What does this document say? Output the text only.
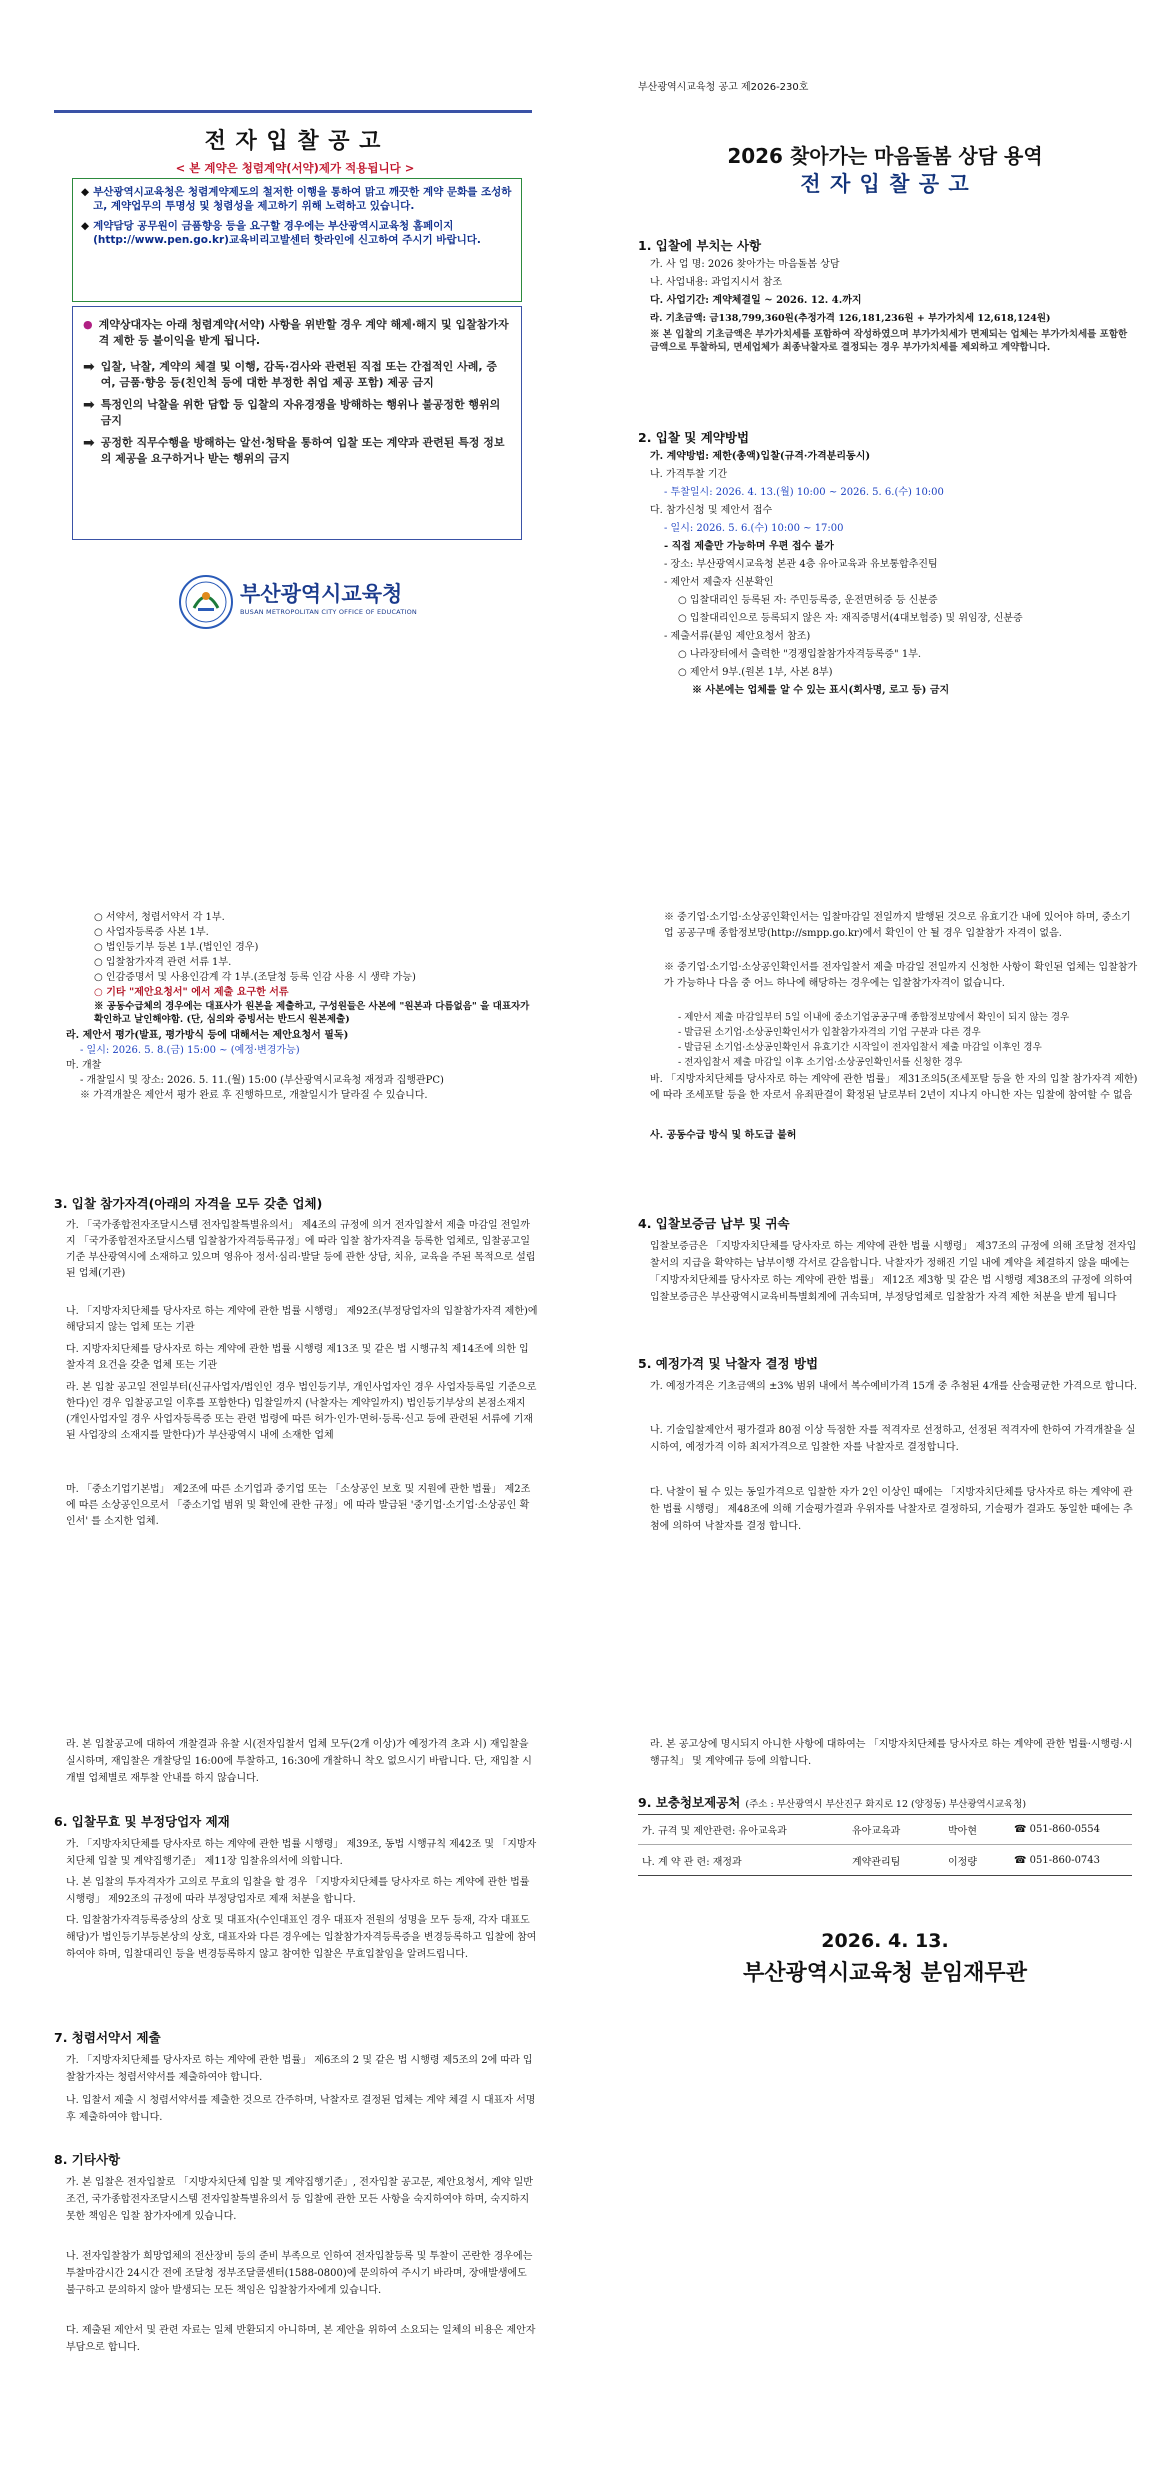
전 자 입 찰 공 고
< 본 계약은 청렴계약(서약)제가 적용됩니다 >
◆ 부산광역시교육청은 청렴계약제도의 철저한 이행을 통하여 맑고 깨끗한 계약 문화를 조성하고, 계약업무의 투명성 및 청렴성을 제고하기 위해 노력하고 있습니다.
◆ 계약담당 공무원이 금품향응 등을 요구할 경우에는 부산광역시교육청 홈페이지(http://www.pen.go.kr)교육비리고발센터 핫라인에 신고하여 주시기 바랍니다.
● 계약상대자는 아래 청렴계약(서약) 사항을 위반할 경우 계약 해제·해지 및 입찰참가자격 제한 등 불이익을 받게 됩니다.
➡ 입찰, 낙찰, 계약의 체결 및 이행, 감독·검사와 관련된 직접 또는 간접적인 사례, 증여, 금품·향응 등(친인척 등에 대한 부정한 취업 제공 포함) 제공 금지
➡ 특정인의 낙찰을 위한 담합 등 입찰의 자유경쟁을 방해하는 행위나 불공정한 행위의 금지
➡ 공정한 직무수행을 방해하는 알선·청탁을 통하여 입찰 또는 계약과 관련된 특정 정보의 제공을 요구하거나 받는 행위의 금지
부산광역시교육청
BUSAN METROPOLITAN CITY OFFICE OF EDUCATION
부산광역시교육청 공고 제2026-230호
2026 찾아가는 마음돌봄 상담 용역
전 자 입 찰 공 고
1. 입찰에 부치는 사항
가. 사 업 명: 2026 찾아가는 마음돌봄 상담
나. 사업내용: 과업지시서 참조
다. 사업기간: 계약체결일 ~ 2026. 12. 4.까지
라. 기초금액: 금138,799,360원(추정가격 126,181,236원 + 부가가치세 12,618,124원)
※ 본 입찰의 기초금액은 부가가치세를 포함하여 작성하였으며 부가가치세가 면제되는 업체는 부가가치세를 포함한 금액으로 투찰하되, 면세업체가 최종낙찰자로 결정되는 경우 부가가치세를 제외하고 계약합니다.
2. 입찰 및 계약방법
가. 계약방법: 제한(총액)입찰(규격·가격분리동시)
나. 가격투찰 기간
- 투찰일시: 2026. 4. 13.(월) 10:00 ~ 2026. 5. 6.(수) 10:00
다. 참가신청 및 제안서 접수
- 일시: 2026. 5. 6.(수) 10:00 ~ 17:00
- 직접 제출만 가능하며 우편 접수 불가
- 장소: 부산광역시교육청 본관 4층 유아교육과 유보통합추진팀
- 제안서 제출자 신분확인
○ 입찰대리인 등록된 자: 주민등록증, 운전면허증 등 신분증
○ 입찰대리인으로 등록되지 않은 자: 재직증명서(4대보험증) 및 위임장, 신분증
- 제출서류(붙임 제안요청서 참조)
○ 나라장터에서 출력한 "경쟁입찰참가자격등록증" 1부.
○ 제안서 9부.(원본 1부, 사본 8부)
※ 사본에는 업체를 알 수 있는 표시(회사명, 로고 등) 금지
○ 서약서, 청렴서약서 각 1부.
○ 사업자등록증 사본 1부.
○ 법인등기부 등본 1부.(법인인 경우)
○ 입찰참가자격 관련 서류 1부.
○ 인감증명서 및 사용인감계 각 1부.(조달청 등록 인감 사용 시 생략 가능)
○ 기타 "제안요청서" 에서 제출 요구한 서류
※ 공동수급체의 경우에는 대표사가 원본을 제출하고, 구성원들은 사본에 "원본과 다름없음" 을 대표자가 확인하고 날인해야함. (단, 심의와 증빙서는 반드시 원본제출)
라. 제안서 평가(발표, 평가방식 등에 대해서는 제안요청서 필독)
- 일시: 2026. 5. 8.(금) 15:00 ~ (예정·변경가능)
마. 개찰
- 개찰일시 및 장소: 2026. 5. 11.(월) 15:00 (부산광역시교육청 재정과 집행관PC)
※ 가격개찰은 제안서 평가 완료 후 진행하므로, 개찰일시가 달라질 수 있습니다.
3. 입찰 참가자격(아래의 자격을 모두 갖춘 업체)
가. 「국가종합전자조달시스템 전자입찰특별유의서」 제4조의 규정에 의거 전자입찰서 제출 마감일 전일까지 「국가종합전자조달시스템 입찰참가자격등록규정」에 따라 입찰 참가자격을 등록한 업체로, 입찰공고일 기준 부산광역시에 소재하고 있으며 영유아 정서·심리·발달 등에 관한 상담, 치유, 교육을 주된 목적으로 설립된 업체(기관)
나. 「지방자치단체를 당사자로 하는 계약에 관한 법률 시행령」 제92조(부정당업자의 입찰참가자격 제한)에 해당되지 않는 업체 또는 기관
다. 지방자치단체를 당사자로 하는 계약에 관한 법률 시행령 제13조 및 같은 법 시행규칙 제14조에 의한 입찰자격 요건을 갖춘 업체 또는 기관
라. 본 입찰 공고일 전일부터(신규사업자/법인인 경우 법인등기부, 개인사업자인 경우 사업자등록일 기준으로 한다)인 경우 입찰공고일 이후를 포함한다) 입찰일까지 (낙찰자는 계약일까지) 법인등기부상의 본점소재지(개인사업자일 경우 사업자등록증 또는 관련 법령에 따른 허가·인가·면허·등록·신고 등에 관련된 서류에 기재된 사업장의 소재지를 말한다)가 부산광역시 내에 소재한 업체
마. 「중소기업기본법」 제2조에 따른 소기업과 중기업 또는 「소상공인 보호 및 지원에 관한 법률」 제2조에 따른 소상공인으로서 「중소기업 범위 및 확인에 관한 규정」에 따라 발급된 '중기업·소기업·소상공인 확인서' 를 소지한 업체.
※ 중기업·소기업·소상공인확인서는 입찰마감일 전일까지 발행된 것으로 유효기간 내에 있어야 하며, 중소기업 공공구매 종합정보망(http://smpp.go.kr)에서 확인이 안 될 경우 입찰참가 자격이 없음.
※ 중기업·소기업·소상공인확인서를 전자입찰서 제출 마감일 전일까지 신청한 사항이 확인된 업체는 입찰참가가 가능하나 다음 중 어느 하나에 해당하는 경우에는 입찰참가자격이 없습니다.
- 제안서 제출 마감일부터 5일 이내에 중소기업공공구매 종합정보망에서 확인이 되지 않는 경우
- 발급된 소기업·소상공인확인서가 입찰참가자격의 기업 구분과 다른 경우
- 발급된 소기업·소상공인확인서 유효기간 시작일이 전자입찰서 제출 마감일 이후인 경우
- 전자입찰서 제출 마감일 이후 소기업·소상공인확인서를 신청한 경우
바. 「지방자치단체를 당사자로 하는 계약에 관한 법률」 제31조의5(조세포탈 등을 한 자의 입찰 참가자격 제한)에 따라 조세포탈 등을 한 자로서 유죄판결이 확정된 날로부터 2년이 지나지 아니한 자는 입찰에 참여할 수 없음
사. 공동수급 방식 및 하도급 불허
4. 입찰보증금 납부 및 귀속
입찰보증금은 「지방자치단체를 당사자로 하는 계약에 관한 법률 시행령」 제37조의 규정에 의해 조달청 전자입찰서의 지급을 확약하는 납부이행 각서로 갈음합니다. 낙찰자가 정해진 기일 내에 계약을 체결하지 않을 때에는 「지방자치단체를 당사자로 하는 계약에 관한 법률」 제12조 제3항 및 같은 법 시행령 제38조의 규정에 의하여 입찰보증금은 부산광역시교육비특별회계에 귀속되며, 부정당업체로 입찰참가 자격 제한 처분을 받게 됩니다
5. 예정가격 및 낙찰자 결정 방법
가. 예정가격은 기초금액의 ±3% 범위 내에서 복수예비가격 15개 중 추첨된 4개를 산술평균한 가격으로 합니다.
나. 기술입찰제안서 평가결과 80점 이상 득점한 자를 적격자로 선정하고, 선정된 적격자에 한하여 가격개찰을 실시하여, 예정가격 이하 최저가격으로 입찰한 자를 낙찰자로 결정합니다.
다. 낙찰이 될 수 있는 동일가격으로 입찰한 자가 2인 이상인 때에는 「지방자치단체를 당사자로 하는 계약에 관한 법률 시행령」 제48조에 의해 기술평가결과 우위자를 낙찰자로 결정하되, 기술평가 결과도 동일한 때에는 추첨에 의하여 낙찰자를 결정 합니다.
라. 본 입찰공고에 대하여 개찰결과 유찰 시(전자입찰서 업체 모두(2개 이상)가 예정가격 초과 시) 재입찰을 실시하며, 재입찰은 개찰당일 16:00에 투찰하고, 16:30에 개찰하니 착오 없으시기 바랍니다. 단, 재입찰 시 개별 업체별로 재투찰 안내를 하지 않습니다.
6. 입찰무효 및 부정당업자 제재
가. 「지방자치단체를 당사자로 하는 계약에 관한 법률 시행령」 제39조, 동법 시행규칙 제42조 및 「지방자치단체 입찰 및 계약집행기준」 제11장 입찰유의서에 의합니다.
나. 본 입찰의 투자격자가 고의로 무효의 입찰을 할 경우 「지방자치단체를 당사자로 하는 계약에 관한 법률 시행령」 제92조의 규정에 따라 부정당업자로 제재 처분을 합니다.
다. 입찰참가자격등록증상의 상호 및 대표자(수인대표인 경우 대표자 전원의 성명을 모두 등재, 각자 대표도 해당)가 법인등기부등본상의 상호, 대표자와 다른 경우에는 입찰참가자격등록증을 변경등록하고 입찰에 참여하여야 하며, 입찰대리인 등을 변경등록하지 않고 참여한 입찰은 무효입찰임을 알려드립니다.
7. 청렴서약서 제출
가. 「지방자치단체를 당사자로 하는 계약에 관한 법률」 제6조의 2 및 같은 법 시행령 제5조의 2에 따라 입찰참가자는 청렴서약서를 제출하여야 합니다.
나. 입찰서 제출 시 청렴서약서를 제출한 것으로 간주하며, 낙찰자로 결정된 업체는 계약 체결 시 대표자 서명 후 제출하여야 합니다.
8. 기타사항
가. 본 입찰은 전자입찰로 「지방자치단체 입찰 및 계약집행기준」, 전자입찰 공고문, 제안요청서, 계약 일반조건, 국가종합전자조달시스템 전자입찰특별유의서 등 입찰에 관한 모든 사항을 숙지하여야 하며, 숙지하지 못한 책임은 입찰 참가자에게 있습니다.
나. 전자입찰참가 희망업체의 전산장비 등의 준비 부족으로 인하여 전자입찰등록 및 투찰이 곤란한 경우에는 투찰마감시간 24시간 전에 조달청 정부조달콜센터(1588-0800)에 문의하여 주시기 바라며, 장애발생에도 불구하고 문의하지 않아 발생되는 모든 책임은 입찰참가자에게 있습니다.
다. 제출된 제안서 및 관련 자료는 일체 반환되지 아니하며, 본 제안을 위하여 소요되는 일체의 비용은 제안자 부담으로 합니다.
라. 본 공고상에 명시되지 아니한 사항에 대하여는 「지방자치단체를 당사자로 하는 계약에 관한 법률·시행령·시행규칙」 및 계약예규 등에 의합니다.
9. 보충청보제공처 (주소 : 부산광역시 부산진구 화지로 12 (양정동) 부산광역시교육청)
가. 규격 및 제안관련: 유아교육과	유아교육과	박아현	☎ 051-860-0554
나. 계 약 관 련: 재정과	계약관리팀	이정량	☎ 051-860-0743
2026. 4. 13.
부산광역시교육청 분임재무관
